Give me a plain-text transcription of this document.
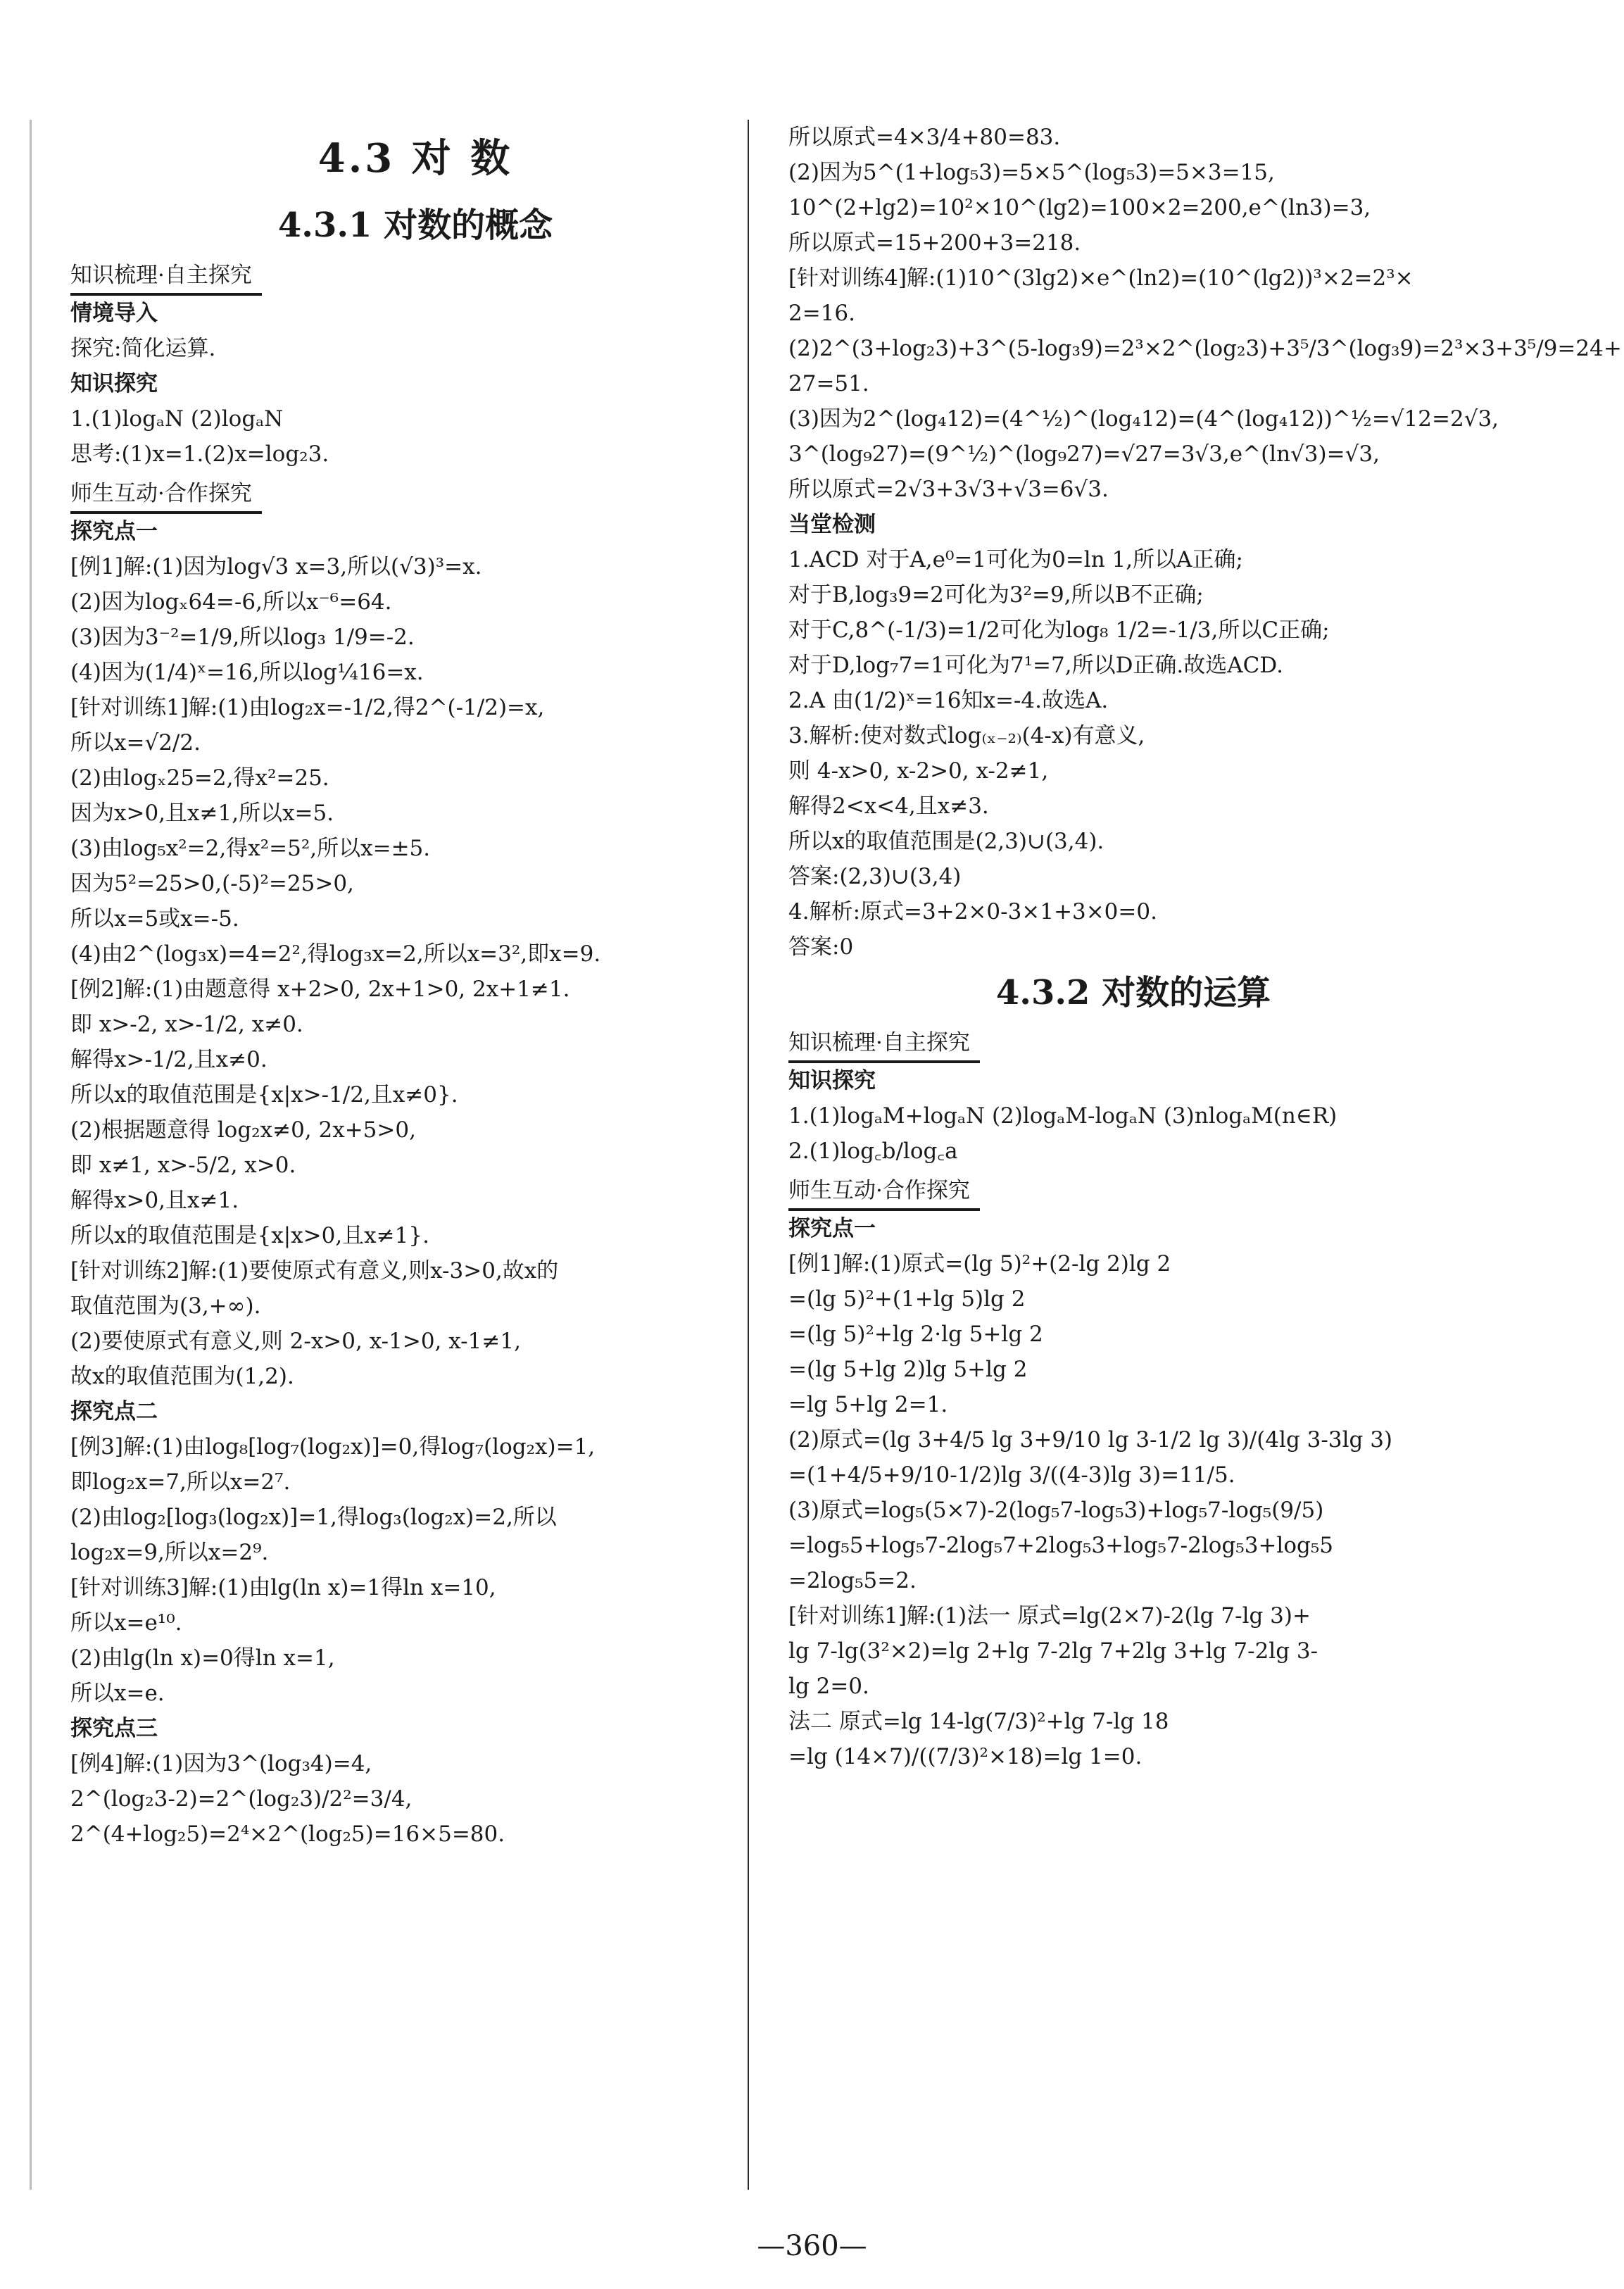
4.3 对 数
4.3.1 对数的概念
知识梳理·自主探究
情境导入
探究:简化运算.
知识探究
1.(1)logₐN (2)logₐN
思考:(1)x=1.(2)x=log₂3.
师生互动·合作探究
探究点一
[例1]解:(1)因为log√3 x=3,所以(√3)³=x.
(2)因为logₓ64=-6,所以x⁻⁶=64.
(3)因为3⁻²=1/9,所以log₃ 1/9=-2.
(4)因为(1/4)ˣ=16,所以log¼16=x.
[针对训练1]解:(1)由log₂x=-1/2,得2^(-1/2)=x,
所以x=√2/2.
(2)由logₓ25=2,得x²=25.
因为x>0,且x≠1,所以x=5.
(3)由log₅x²=2,得x²=5²,所以x=±5.
因为5²=25>0,(-5)²=25>0,
所以x=5或x=-5.
(4)由2^(log₃x)=4=2²,得log₃x=2,所以x=3²,即x=9.
[例2]解:(1)由题意得 x+2>0, 2x+1>0, 2x+1≠1.
即 x>-2, x>-1/2, x≠0.
解得x>-1/2,且x≠0.
所以x的取值范围是{x|x>-1/2,且x≠0}.
(2)根据题意得 log₂x≠0, 2x+5>0,
即 x≠1, x>-5/2, x>0.
解得x>0,且x≠1.
所以x的取值范围是{x|x>0,且x≠1}.
[针对训练2]解:(1)要使原式有意义,则x-3>0,故x的
取值范围为(3,+∞).
(2)要使原式有意义,则 2-x>0, x-1>0, x-1≠1,
故x的取值范围为(1,2).
探究点二
[例3]解:(1)由log₈[log₇(log₂x)]=0,得log₇(log₂x)=1,
即log₂x=7,所以x=2⁷.
(2)由log₂[log₃(log₂x)]=1,得log₃(log₂x)=2,所以
log₂x=9,所以x=2⁹.
[针对训练3]解:(1)由lg(ln x)=1得ln x=10,
所以x=e¹⁰.
(2)由lg(ln x)=0得ln x=1,
所以x=e.
探究点三
[例4]解:(1)因为3^(log₃4)=4,
2^(log₂3-2)=2^(log₂3)/2²=3/4,
2^(4+log₂5)=2⁴×2^(log₂5)=16×5=80.
所以原式=4×3/4+80=83.
(2)因为5^(1+log₅3)=5×5^(log₅3)=5×3=15,
10^(2+lg2)=10²×10^(lg2)=100×2=200,e^(ln3)=3,
所以原式=15+200+3=218.
[针对训练4]解:(1)10^(3lg2)×e^(ln2)=(10^(lg2))³×2=2³×
2=16.
(2)2^(3+log₂3)+3^(5-log₃9)=2³×2^(log₂3)+3⁵/3^(log₃9)=2³×3+3⁵/9=24+
27=51.
(3)因为2^(log₄12)=(4^½)^(log₄12)=(4^(log₄12))^½=√12=2√3,
3^(log₉27)=(9^½)^(log₉27)=√27=3√3,e^(ln√3)=√3,
所以原式=2√3+3√3+√3=6√3.
当堂检测
1.ACD 对于A,e⁰=1可化为0=ln 1,所以A正确;
对于B,log₃9=2可化为3²=9,所以B不正确;
对于C,8^(-1/3)=1/2可化为log₈ 1/2=-1/3,所以C正确;
对于D,log₇7=1可化为7¹=7,所以D正确.故选ACD.
2.A 由(1/2)ˣ=16知x=-4.故选A.
3.解析:使对数式log₍ₓ₋₂₎(4-x)有意义,
则 4-x>0, x-2>0, x-2≠1,
解得2<x<4,且x≠3.
所以x的取值范围是(2,3)∪(3,4).
答案:(2,3)∪(3,4)
4.解析:原式=3+2×0-3×1+3×0=0.
答案:0
4.3.2 对数的运算
知识梳理·自主探究
知识探究
1.(1)logₐM+logₐN (2)logₐM-logₐN (3)nlogₐM(n∈R)
2.(1)log꜀b/log꜀a
师生互动·合作探究
探究点一
[例1]解:(1)原式=(lg 5)²+(2-lg 2)lg 2
=(lg 5)²+(1+lg 5)lg 2
=(lg 5)²+lg 2·lg 5+lg 2
=(lg 5+lg 2)lg 5+lg 2
=lg 5+lg 2=1.
(2)原式=(lg 3+4/5 lg 3+9/10 lg 3-1/2 lg 3)/(4lg 3-3lg 3)
=(1+4/5+9/10-1/2)lg 3/((4-3)lg 3)=11/5.
(3)原式=log₅(5×7)-2(log₅7-log₅3)+log₅7-log₅(9/5)
=log₅5+log₅7-2log₅7+2log₅3+log₅7-2log₅3+log₅5
=2log₅5=2.
[针对训练1]解:(1)法一 原式=lg(2×7)-2(lg 7-lg 3)+
lg 7-lg(3²×2)=lg 2+lg 7-2lg 7+2lg 3+lg 7-2lg 3-
lg 2=0.
法二 原式=lg 14-lg(7/3)²+lg 7-lg 18
=lg (14×7)/((7/3)²×18)=lg 1=0.
—360—
